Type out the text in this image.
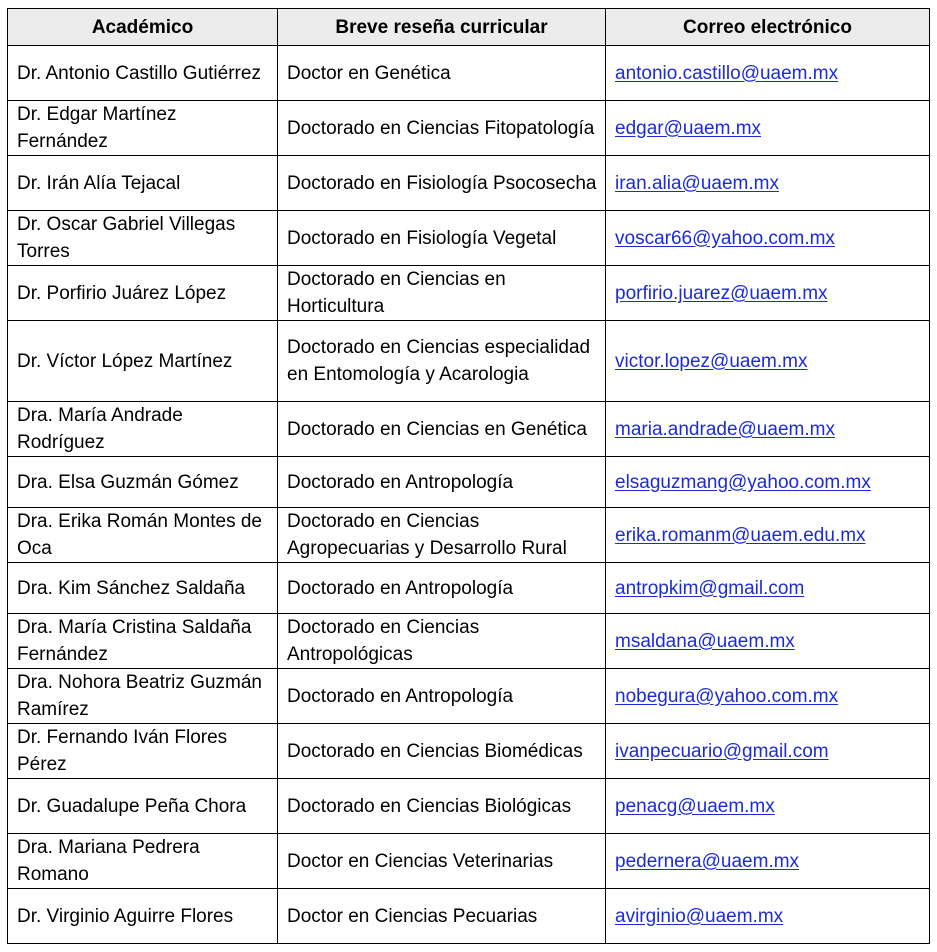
Académico	Breve reseña curricular	Correo electrónico
Dr. Antonio Castillo Gutiérrez	Doctor en Genética	antonio.castillo@uaem.mx
Dr. Edgar Martínez Fernández	Doctorado en Ciencias Fitopatología	edgar@uaem.mx
Dr. Irán Alía Tejacal	Doctorado en Fisiología Psocosecha	iran.alia@uaem.mx
Dr. Oscar Gabriel Villegas Torres	Doctorado en Fisiología Vegetal	voscar66@yahoo.com.mx
Dr. Porfirio Juárez López	Doctorado en Ciencias en Horticultura	porfirio.juarez@uaem.mx
Dr. Víctor López Martínez	Doctorado en Ciencias especialidad en Entomología y Acarologia	victor.lopez@uaem.mx
Dra. María Andrade Rodríguez	Doctorado en Ciencias en Genética	maria.andrade@uaem.mx
Dra. Elsa Guzmán Gómez	Doctorado en Antropología	elsaguzmang@yahoo.com.mx
Dra. Erika Román Montes de Oca	Doctorado en Ciencias Agropecuarias y Desarrollo Rural	erika.romanm@uaem.edu.mx
Dra. Kim Sánchez Saldaña	Doctorado en Antropología	antropkim@gmail.com
Dra. María Cristina Saldaña Fernández	Doctorado en Ciencias Antropológicas	msaldana@uaem.mx
Dra. Nohora Beatriz Guzmán Ramírez	Doctorado en Antropología	nobegura@yahoo.com.mx
Dr. Fernando Iván Flores Pérez	Doctorado en Ciencias Biomédicas	ivanpecuario@gmail.com
Dr. Guadalupe Peña Chora	Doctorado en Ciencias Biológicas	penacg@uaem.mx
Dra. Mariana Pedrera Romano	Doctor en Ciencias Veterinarias	pedernera@uaem.mx
Dr. Virginio Aguirre Flores	Doctor en Ciencias Pecuarias	avirginio@uaem.mx
